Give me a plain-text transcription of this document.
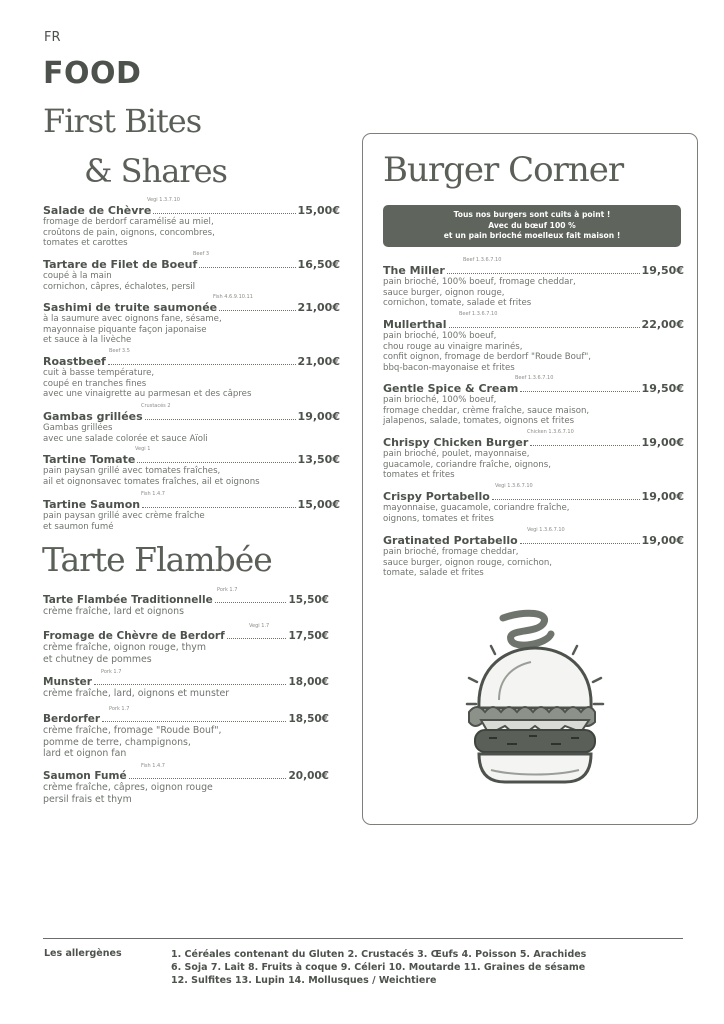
FR
FOOD
First Bites
& Shares
Salade de Chèvre
Vegi 1.3.7.10
15,00€
fromage de berdorf caramélisé au miel,
croûtons de pain, oignons, concombres,
tomates et carottes
Tartare de Filet de Boeuf
Beef 3
16,50€
coupé à la main
cornichon, câpres, échalotes, persil
Sashimi de truite saumonée
Fish 4.6.9.10.11
21,00€
à la saumure avec oignons fane, sésame,
mayonnaise piquante façon japonaise
et sauce à la livèche
Roastbeef
Beef 3.5
21,00€
cuit à basse température,
coupé en tranches fines
avec une vinaigrette au parmesan et des câpres
Gambas grillées
Crustacés 2
19,00€
Gambas grillées
avec une salade colorée et sauce Aïoli
Tartine Tomate
Vegi 1
13,50€
pain paysan grillé avec tomates fraîches,
ail et oignonsavec tomates fraîches, ail et oignons
Tartine Saumon
Fish 1.4.7
15,00€
pain paysan grillé avec crème fraîche
et saumon fumé
Tarte Flambée
Tarte Flambée Traditionnelle
Pork 1.7
15,50€
crème fraîche, lard et oignons
Fromage de Chèvre de Berdorf
Vegi 1.7
17,50€
crème fraîche, oignon rouge, thym
et chutney de pommes
Munster
Pork 1.7
18,00€
crème fraîche, lard, oignons et munster
Berdorfer
Pork 1.7
18,50€
crème fraîche, fromage "Roude Bouf",
pomme de terre, champignons,
lard et oignon fan
Saumon Fumé
Fish 1.4.7
20,00€
crème fraîche, câpres, oignon rouge
persil frais et thym
Burger Corner
Tous nos burgers sont cuits à point !
Avec du bœuf 100 %
et un pain brioché moelleux fait maison !
The Miller
Beef 1.3.6.7.10
19,50€
pain brioché, 100% boeuf, fromage cheddar,
sauce burger, oignon rouge,
cornichon, tomate, salade et frites
Mullerthal
Beef 1.3.6.7.10
22,00€
pain brioché, 100% boeuf,
chou rouge au vinaigre marinés,
confit oignon, fromage de berdorf "Roude Bouf",
bbq-bacon-mayonaise et frites
Gentle Spice & Cream
Beef 1.3.6.7.10
19,50€
pain brioché, 100% boeuf,
fromage cheddar, crème fraîche, sauce maison,
jalapenos, salade, tomates, oignons et frites
Chrispy Chicken Burger
Chicken 1.3.6.7.10
19,00€
pain brioché, poulet, mayonnaise,
guacamole, coriandre fraîche, oignons,
tomates et frites
Crispy Portabello
Vegi 1.3.6.7.10
19,00€
mayonnaise, guacamole, coriandre fraîche,
oignons, tomates et frites
Gratinated Portabello
Vegi 1.3.6.7.10
19,00€
pain brioché, fromage cheddar,
sauce burger, oignon rouge, cornichon,
tomate, salade et frites
Les allergènes	1. Céréales contenant du Gluten 2. Crustacés 3. Œufs 4. Poisson 5. Arachides
6. Soja 7. Lait 8. Fruits à coque 9. Céleri 10. Moutarde 11. Graines de sésame
12. Sulfites 13. Lupin 14. Mollusques / Weichtiere
